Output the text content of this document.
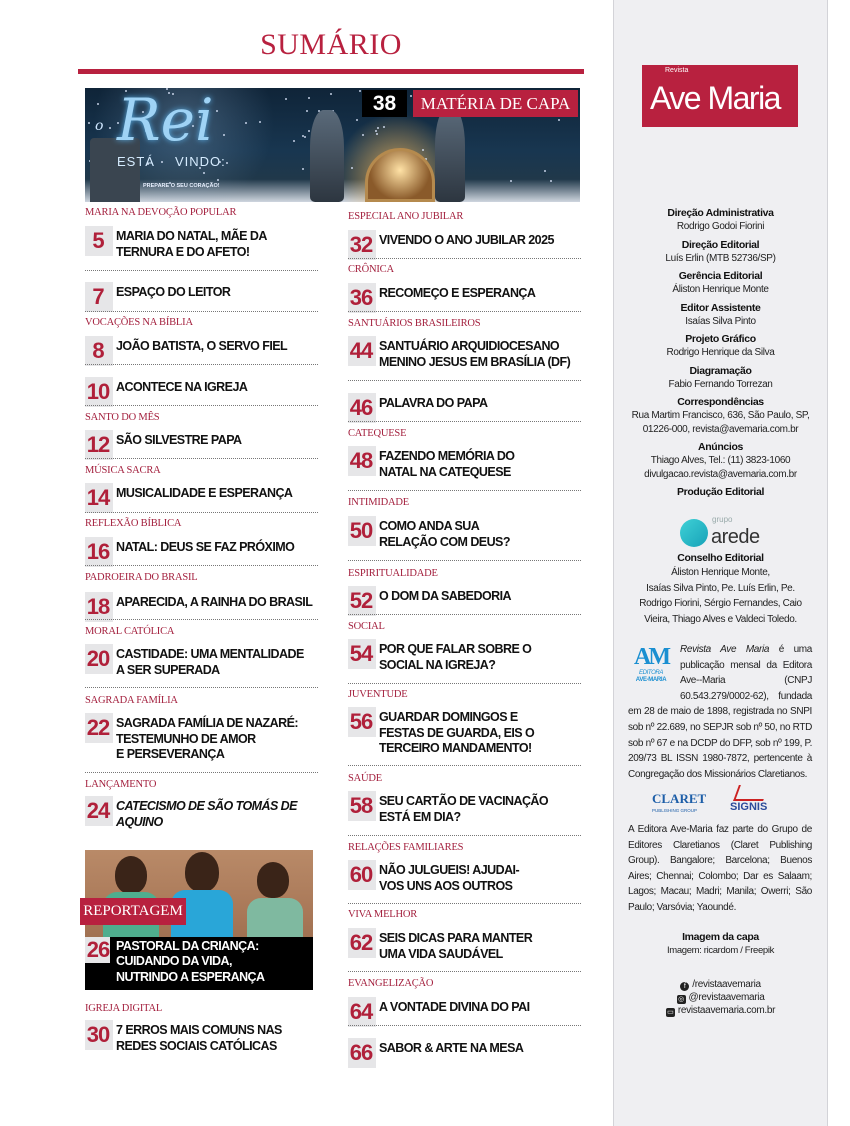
SUMÁRIO
o Rei
ESTÁ VINDO:
PREPARE O SEU CORAÇÃO!
38	MATÉRIA DE CAPA
MARIA NA DEVOÇÃO POPULAR
5 MARIA DO NATAL, MÃE DA
TERNURA E DO AFETO!
7 ESPAÇO DO LEITOR
VOCAÇÕES NA BÍBLIA
8 JOÃO BATISTA, O SERVO FIEL
10 ACONTECE NA IGREJA
SANTO DO MÊS
12 SÃO SILVESTRE PAPA
MÚSICA SACRA
14 MUSICALIDADE E ESPERANÇA
REFLEXÃO BÍBLICA
16 NATAL: DEUS SE FAZ PRÓXIMO
PADROEIRA DO BRASIL
18 APARECIDA, A RAINHA DO BRASIL
MORAL CATÓLICA
20 CASTIDADE: UMA MENTALIDADE
A SER SUPERADA
SAGRADA FAMÍLIA
22 SAGRADA FAMÍLIA DE NAZARÉ:
TESTEMUNHO DE AMOR
E PERSEVERANÇA
LANÇAMENTO
24 CATECISMO DE SÃO TOMÁS DE
AQUINO
IGREJA DIGITAL
30 7 ERROS MAIS COMUNS NAS
REDES SOCIAIS CATÓLICAS
ESPECIAL ANO JUBILAR
32 VIVENDO O ANO JUBILAR 2025
CRÔNICA
36 RECOMEÇO E ESPERANÇA
SANTUÁRIOS BRASILEIROS
44 SANTUÁRIO ARQUIDIOCESANO
MENINO JESUS EM BRASÍLIA (DF)
46 PALAVRA DO PAPA
CATEQUESE
48 FAZENDO MEMÓRIA DO
NATAL NA CATEQUESE
INTIMIDADE
50 COMO ANDA SUA
RELAÇÃO COM DEUS?
ESPIRITUALIDADE
52 O DOM DA SABEDORIA
SOCIAL
54 POR QUE FALAR SOBRE O
SOCIAL NA IGREJA?
JUVENTUDE
56 GUARDAR DOMINGOS E
FESTAS DE GUARDA, EIS O
TERCEIRO MANDAMENTO!
SAÚDE
58 SEU CARTÃO DE VACINAÇÃO
ESTÁ EM DIA?
RELAÇÕES FAMILIARES
60 NÃO JULGUEIS! AJUDAI-
VOS UNS AOS OUTROS
VIVA MELHOR
62 SEIS DICAS PARA MANTER
UMA VIDA SAUDÁVEL
EVANGELIZAÇÃO
64 A VONTADE DIVINA DO PAI
66 SABOR & ARTE NA MESA
REPORTAGEM
26 PASTORAL DA CRIANÇA:
CUIDANDO DA VIDA,
NUTRINDO A ESPERANÇA
Revista
Ave Maria
Direção Administrativa

Rodrigo Godoi Fiorini

Direção Editorial

Luís Erlin (MTB 52736/SP)

Gerência Editorial

Áliston Henrique Monte

Editor Assistente

Isaías Silva Pinto

Projeto Gráfico

Rodrigo Henrique da Silva

Diagramação

Fabio Fernando Torrezan

Correspondências

Rua Martim Francisco, 636, São Paulo, SP,

01226-000, revista@avemaria.com.br

Anúncios

Thiago Alves, Tel.: (11) 3823-1060

divulgacao.revista@avemaria.com.br

Produção Editorial
grupo
arede
Conselho Editorial

Áliston Henrique Monte,

Isaías Silva Pinto, Pe. Luís Erlin, Pe.

Rodrigo Fiorini, Sérgio Fernandes, Caio

Vieira, Thiago Alves e Valdeci Toledo.

AM
EDITORA
AVE-MARIA
Revista Ave Maria é uma publicação mensal da Editora Ave--Maria (CNPJ 60.543.279/0002-62), fundada em 28 de maio de 1898, registrada no SNPI sob nº 22.689, no SEPJR sob nº 50, no RTD sob nº 67 e na DCDP do DFP, sob nº 199, P. 209/73 BL ISSN 1980-7872, pertencente à Congregação dos Missionários Claretianos.
CLARET
PUBLISHING GROUP	SIGNIS
A Editora Ave-Maria faz parte do Grupo de Editores Claretianos (Claret Publishing Group). Bangalore; Barcelona; Buenos Aires; Chennai; Colombo; Dar es Salaam; Lagos; Macau; Madri; Manila; Owerri; São Paulo; Varsóvia; Yaoundé.
Imagem da capa

Imagem: ricardom / Freepik

f /revistaavemaria
◎ @revistaavemaria
▭ revistaavemaria.com.br
